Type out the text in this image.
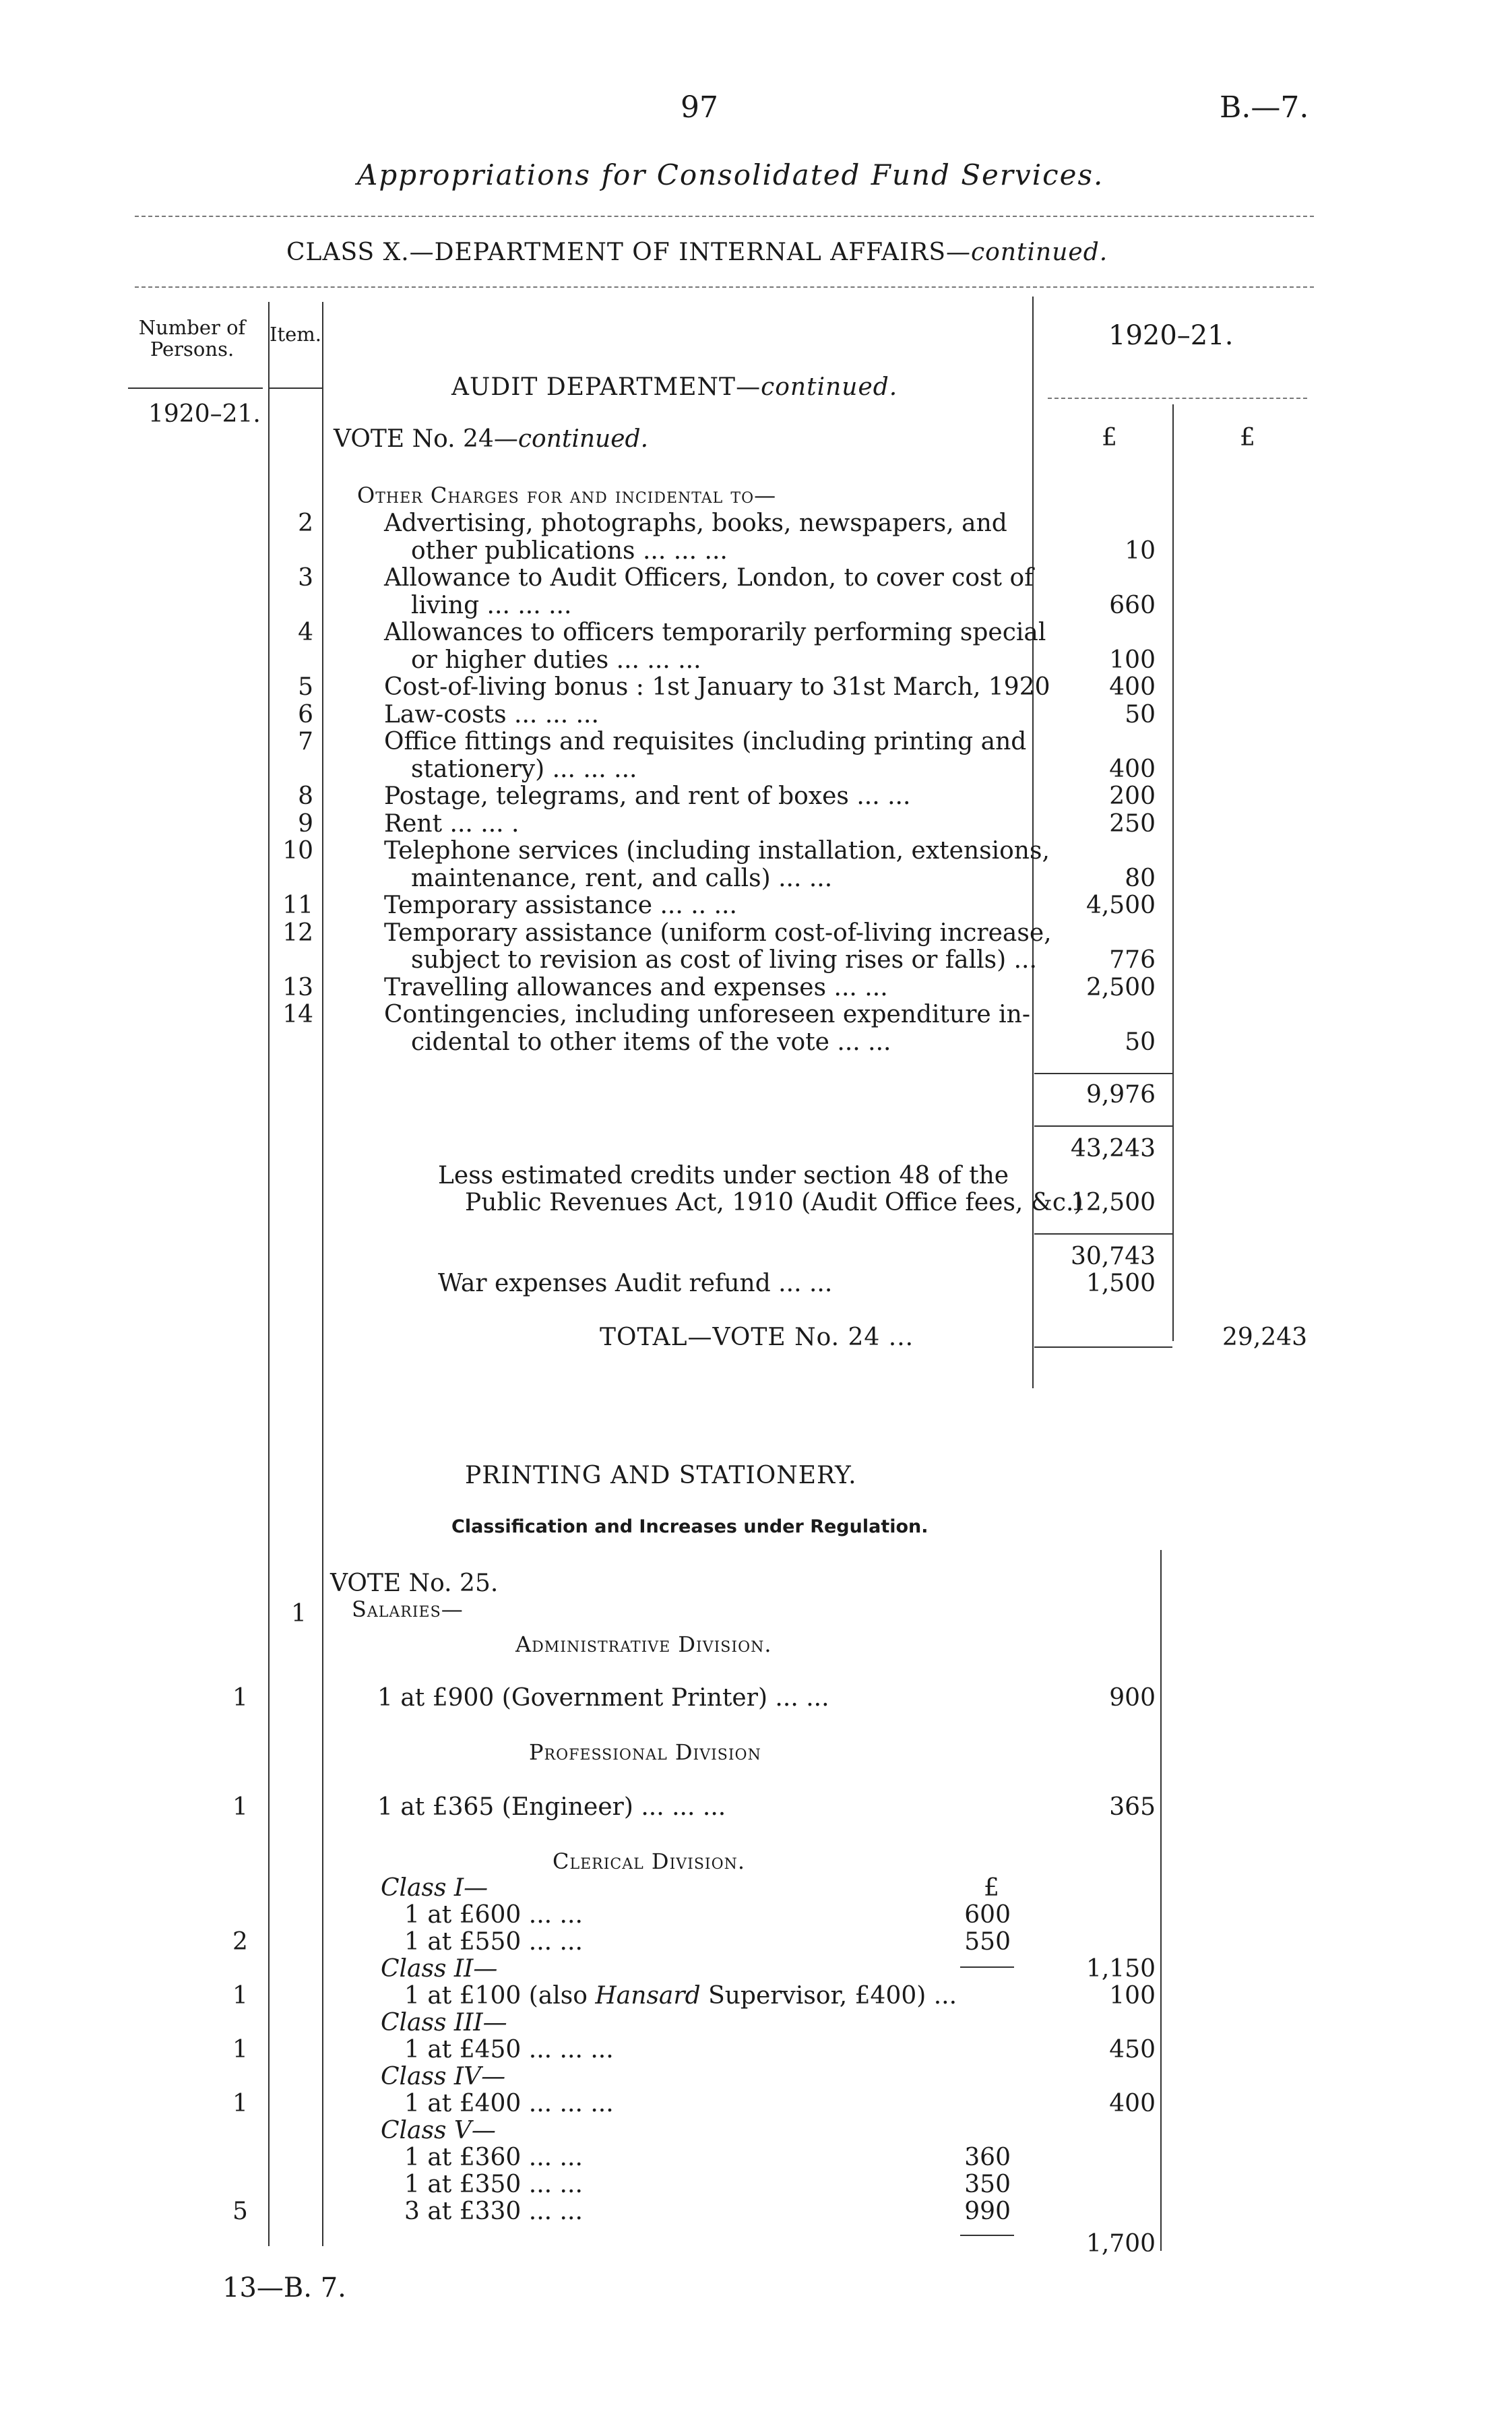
97	B.—7.
Appropriations for Consolidated Fund Services.
CLASS X.—DEPARTMENT OF INTERNAL AFFAIRS—continued.
Number of Persons.
Item.
1920–21.
1920–21.
£	£
AUDIT DEPARTMENT—continued.
VOTE No. 24—continued.
Other Charges for and incidental to—
2	Advertising, photographs, books, newspapers, and
other publications ... ... ...	10
3	Allowance to Audit Officers, London, to cover cost of
living ... ... ...	660
4	Allowances to officers temporarily performing special
or higher duties ... ... ...	100
5	Cost-of-living bonus : 1st January to 31st March, 1920	400
6	Law-costs ... ... ...	50
7	Office fittings and requisites (including printing and
stationery) ... ... ...	400
8	Postage, telegrams, and rent of boxes ... ...	200
9	Rent ... ... .	250
10	Telephone services (including installation, extensions,
maintenance, rent, and calls) ... ...	80
11	Temporary assistance ... .. ...	4,500
12	Temporary assistance (uniform cost-of-living increase,
subject to revision as cost of living rises or falls) ...	776
13	Travelling allowances and expenses ... ...	2,500
14	Contingencies, including unforeseen expenditure in-
cidental to other items of the vote ... ...	50
9,976
43,243
Less estimated credits under section 48 of the
Public Revenues Act, 1910 (Audit Office fees, &c.)
12,500
30,743
War expenses Audit refund ... ...	1,500
TOTAL—VOTE No. 24 ...	29,243
PRINTING AND STATIONERY.
Classification and Increases under Regulation.
VOTE No. 25.
1 Salaries—
Administrative Division.
1	1 at £900 (Government Printer) ... ...	900
Professional Division
1	1 at £365 (Engineer) ... ... ...	365
Clerical Division.
£
Class I—
1 at £600 ... ...	600
2	1 at £550 ... ...	550
Class II—	1,150
1	1 at £100 (also Hansard Supervisor, £400) ...	100
Class III—
1	1 at £450 ... ... ...	450
Class IV—
1	1 at £400 ... ... ...	400
Class V—
1 at £360 ... ...	360
1 at £350 ... ...	350
5	3 at £330 ... ...	990
1,700
13—B. 7.
